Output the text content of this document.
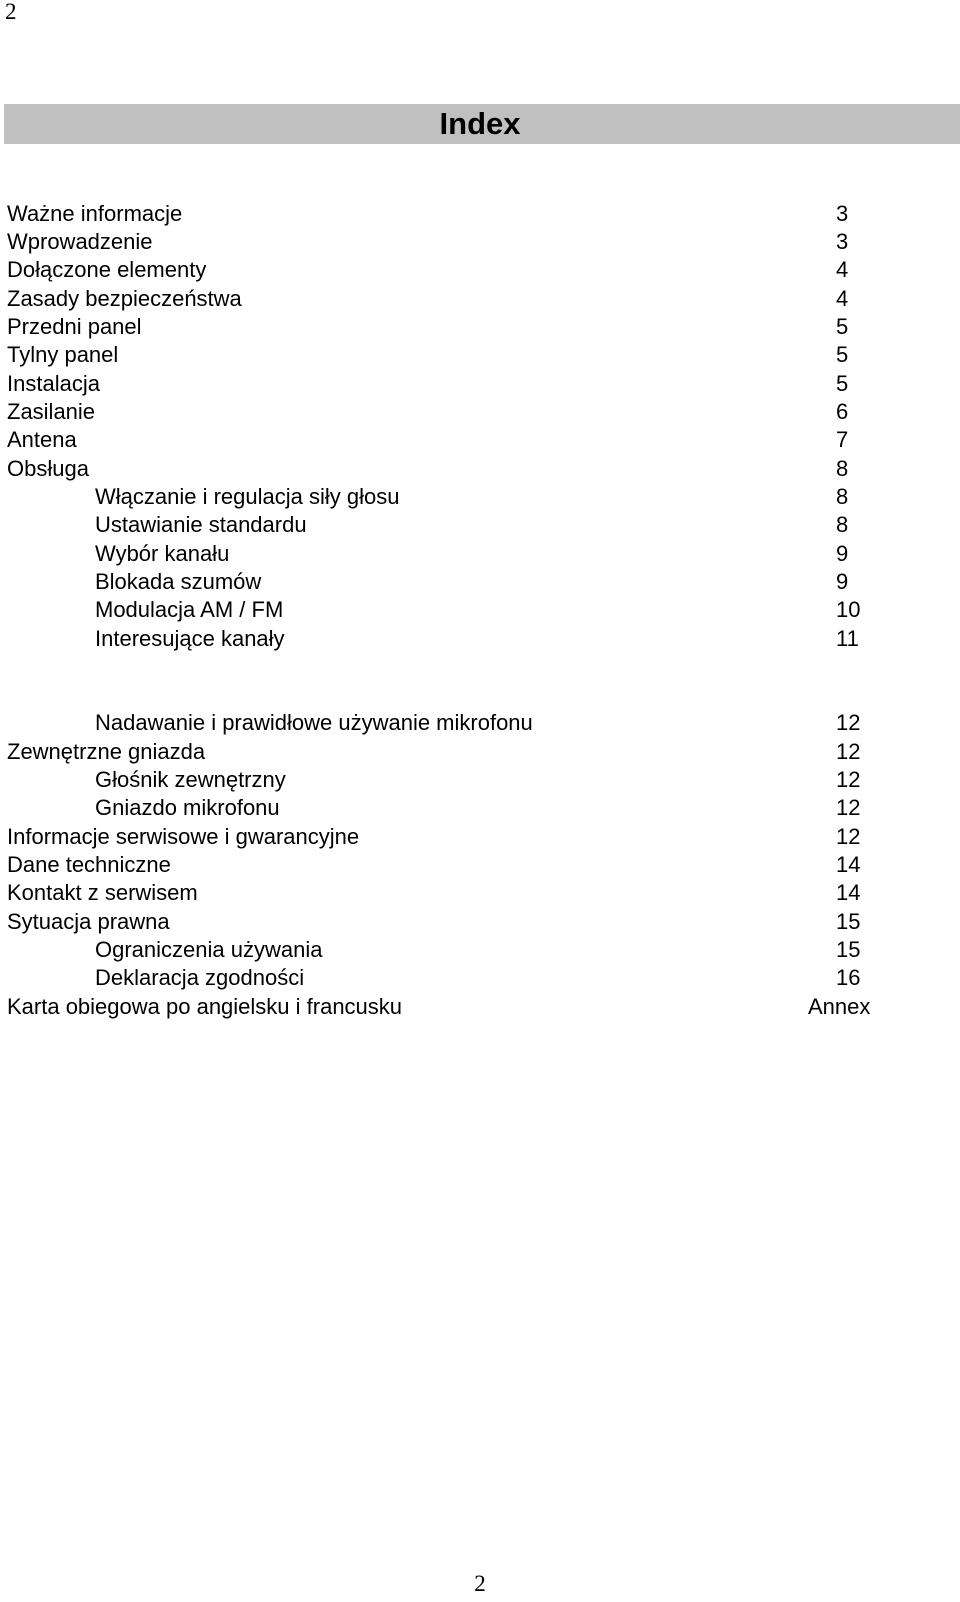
2
Index
Ważne informacje	3
Wprowadzenie	3
Dołączone elementy	4
Zasady bezpieczeństwa	4
Przedni panel	5
Tylny panel	5
Instalacja	5
Zasilanie	6
Antena	7
Obsługa	8
Włączanie i regulacja siły głosu	8
Ustawianie standardu	8
Wybór kanału	9
Blokada szumów	9
Modulacja AM / FM	10
Interesujące kanały	11
Nadawanie i prawidłowe używanie mikrofonu	12
Zewnętrzne gniazda	12
Głośnik zewnętrzny	12
Gniazdo mikrofonu	12
Informacje serwisowe i gwarancyjne	12
Dane techniczne	14
Kontakt z serwisem	14
Sytuacja prawna	15
Ograniczenia używania	15
Deklaracja zgodności	16
Karta obiegowa po angielsku i francusku	Annex
2
